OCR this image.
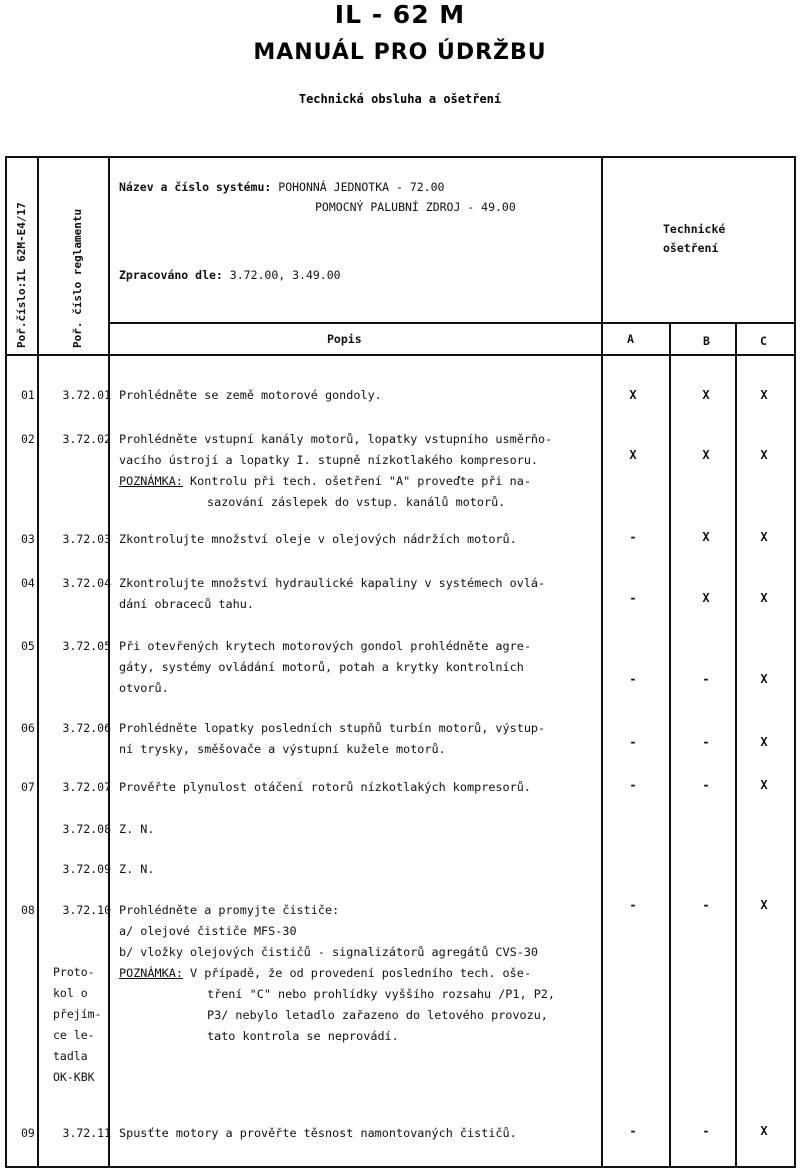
IL - 62 M
MANUÁL PRO ÚDRŽBU
Technická obsluha a ošetření
Poř.číslo:IL 62M-E4/17	Poř. číslo reglamentu
Název a číslo systému: POHONNÁ JEDNOTKA - 72.00
POMOCNÝ PALUBNÍ ZDROJ - 49.00
Zpracováno dle: 3.72.00, 3.49.00
Technické
ošetření
Popis	A	B	C
01	3.72.01 Prohlédněte se země motorové gondoly.	X	X	X
02	3.72.02 Prohlédněte vstupní kanály motorů, lopatky vstupního usměrňo-
vacího ústrojí a lopatky I. stupně nízkotlakého kompresoru.
POZNÁMKA: Kontrolu při tech. ošetření "A" proveďte při na-
sazování záslepek do vstup. kanálů motorů.
X	X	X
03	3.72.03 Zkontrolujte množství oleje v olejových nádržích motorů.	-	X	X
04	3.72.04 Zkontrolujte množství hydraulické kapaliny v systémech ovlá-
dání obraceců tahu.	-	X	X
05	3.72.05 Při otevřených krytech motorových gondol prohlédněte agre-
gáty, systémy ovládání motorů, potah a krytky kontrolních
otvorů.
-	-	X
06	3.72.06 Prohlédněte lopatky posledních stupňů turbín motorů, výstup-
ní trysky, směšovače a výstupní kužele motorů.	-	-	X
07	3.72.07 Prověřte plynulost otáčení rotorů nízkotlakých kompresorů.	-	-	X
3.72.08 Z. N.
3.72.09 Z. N.
08	3.72.10 Prohlédněte a promyjte čističe:
a/ olejové čističe MFS-30
b/ vložky olejových čističů - signalizátorů agregátů CVS-30
POZNÁMKA: V případě, že od provedení posledního tech. oše-
tření "C" nebo prohlídky vyššího rozsahu /P1, P2,
P3/ nebylo letadlo zařazeno do letového provozu,
tato kontrola se neprovádí.
-	-	X
Proto-
kol o
přejím-
ce le-
tadla
OK-KBK
09	3.72.11 Spusťte motory a prověřte těsnost namontovaných čističů.	-	-	X
